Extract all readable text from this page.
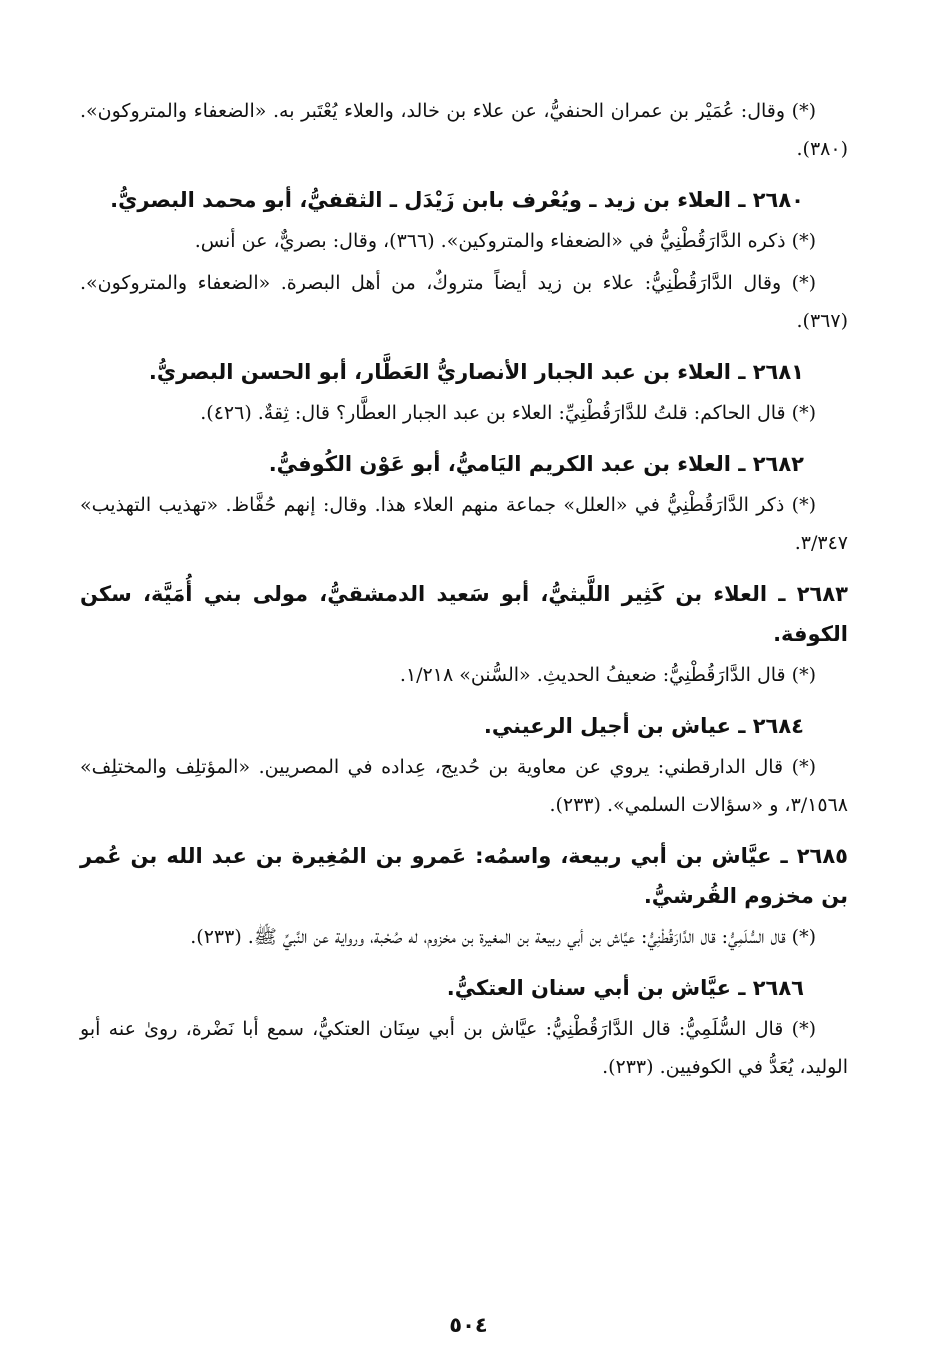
(*) وقال: عُمَيْر بن عمران الحنفيُّ، عن علاء بن خالد، والعلاء يُعْتَبر به. «الضعفاء والمتروكون». (٣٨٠).

٢٦٨٠ ـ العلاء بن زيد ـ ويُعْرف بابن زَيْدَل ـ الثقفيُّ، أبو محمد البصريُّ.

(*) ذكره الدَّارَقُطْنِيُّ في «الضعفاء والمتروكين». (٣٦٦)، وقال: بصريٌّ، عن أنس.

(*) وقال الدَّارَقُطْنِيُّ: علاء بن زيد أيضاً متروكٌ، من أهل البصرة. «الضعفاء والمتروكون». (٣٦٧).

٢٦٨١ ـ العلاء بن عبد الجبار الأنصاريُّ العَطَّار، أبو الحسن البصريُّ.

(*) قال الحاكم: قلتُ للدَّارَقُطْنِيِّ: العلاء بن عبد الجبار العطَّار؟ قال: ثِقةٌ. (٤٢٦).

٢٦٨٢ ـ العلاء بن عبد الكريم اليَاميُّ، أبو عَوْن الكُوفيُّ.

(*) ذكر الدَّارَقُطْنِيُّ في «العلل» جماعة منهم العلاء هذا. وقال: إنهم حُفَّاظ. «تهذيب التهذيب» ٣/٣٤٧.

٢٦٨٣ ـ العلاء بن كَثِير اللَّيثيُّ، أبو سَعيد الدمشقيُّ، مولى بني أُمَيَّة، سكن الكوفة.

(*) قال الدَّارَقُطْنِيُّ: ضعيفُ الحديثِ. «السُّنن» ١/٢١٨.

٢٦٨٤ ـ عياش بن أجيل الرعيني.

(*) قال الدارقطني: يروي عن معاوية بن حُديج، عِداده في المصريين. «المؤتلِف والمختلِف» ٣/١٥٦٨، و «سؤالات السلمي». (٢٣٣).

٢٦٨٥ ـ عيَّاش بن أبي ربيعة، واسمُه: عَمرو بن المُغِيرة بن عبد الله بن عُمر بن مخزوم القُرشيُّ.

(*) قال السُّلَمِيُّ: قال الدَّارَقُطْنِيُّ: عيَّاش بن أبي ربيعة بن المغيرة بن مخزوم، له صُحْبة، ورواية عن النَّبيِّ ﷺ. (٢٣٣).

٢٦٨٦ ـ عيَّاش بن أبي سنان العتكيُّ.

(*) قال السُّلَمِيُّ: قال الدَّارَقُطْنِيُّ: عيَّاش بن أبي سِنَان العتكيُّ، سمع أبا نَضْرة، روىٰ عنه أبو الوليد، يُعَدُّ في الكوفيين. (٢٣٣).

٥٠٤
